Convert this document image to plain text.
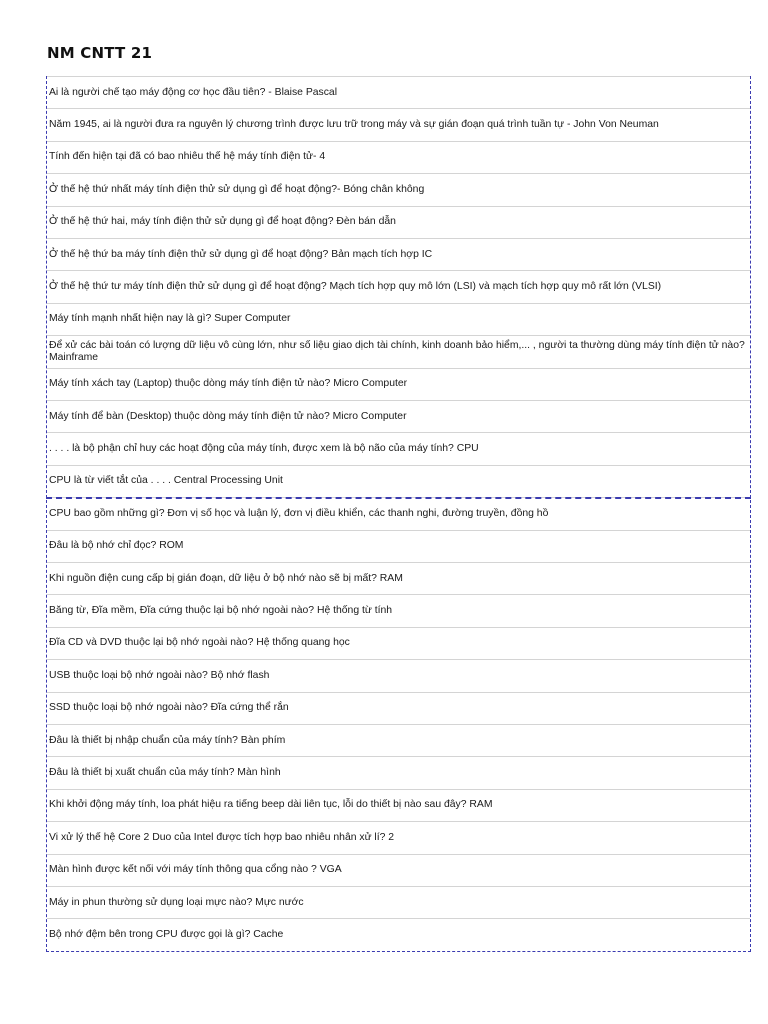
NM CNTT 21
Ai là người chế tạo máy động cơ học đầu tiên? - Blaise Pascal
Năm 1945, ai là người đưa ra nguyên lý chương trình được lưu trữ trong máy và sự gián đoạn quá trình tuần tự - John Von Neuman
Tính đến hiện tại đã có bao nhiêu thế hệ máy tính điện tử- 4
Ở thế hệ thứ nhất máy tính điện thử sử dụng gì để hoạt động?- Bóng chân không
Ở thế hệ thứ hai, máy tính điện thử sử dụng gì để hoạt động? Đèn bán dẫn
Ở thế hệ thứ ba máy tính điện thử sử dụng gì để hoạt động? Bản mạch tích hợp IC
Ở thế hệ thứ tư máy tính điện thử sử dụng gì để hoạt động? Mạch tích hợp quy mô lớn (LSI) và mạch tích hợp quy mô rất lớn (VLSI)
Máy tính mạnh nhất hiện nay là gì? Super Computer
Để xử các bài toán có lượng dữ liệu vô cùng lớn, như số liệu giao dịch tài chính, kinh doanh bảo hiểm,... , người ta thường dùng máy tính điện tử nào? Mainframe
Máy tính xách tay (Laptop) thuộc dòng máy tính điện tử nào? Micro Computer
Máy tính để bàn (Desktop) thuộc dòng máy tính điện tử nào? Micro Computer
. . . . là bộ phận chỉ huy các hoạt động của máy tính, được xem là bộ não của máy tính? CPU
CPU là từ viết tắt của . . . . Central Processing Unit
CPU bao gồm những gì? Đơn vị số học và luận lý, đơn vị điều khiển, các thanh nghi, đường truyền, đồng hồ
Đâu là bộ nhớ chỉ đọc? ROM
Khi nguồn điện cung cấp bị gián đoạn, dữ liệu ở bộ nhớ nào sẽ bị mất? RAM
Băng từ, Đĩa mềm, Đĩa cứng thuộc lại bộ nhớ ngoài nào? Hệ thống từ tính
Đĩa CD và DVD thuộc lại bộ nhớ ngoài nào? Hệ thống quang học
USB thuộc loại bộ nhớ ngoài nào? Bộ nhớ flash
SSD thuộc loại bộ nhớ ngoài nào? Đĩa cứng thể rắn
Đâu là thiết bị nhập chuẩn của máy tính? Bàn phím
Đâu là thiết bị xuất chuẩn của máy tính? Màn hình
Khi khởi động máy tính, loa phát hiệu ra tiếng beep dài liên tục, lỗi do thiết bị nào sau đây? RAM
Vi xử lý thế hệ Core 2 Duo của Intel được tích hợp bao nhiêu nhân xử lí? 2
Màn hình được kết nối với máy tính thông qua cổng nào ? VGA
Máy in phun thường sử dụng loại mực nào? Mực nước
Bộ nhớ đệm bên trong CPU được gọi là gì? Cache
